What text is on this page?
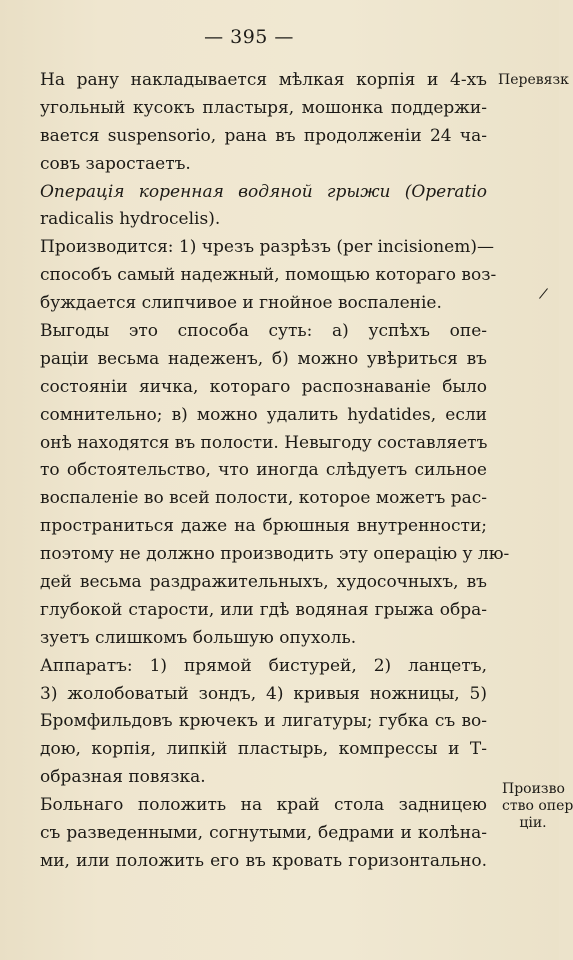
— 395 —
На рану накладывается мѣлкая корпія и 4-хъ
угольный кусокъ пластыря, мошонка поддержи-
вается suspensorio, рана въ продолженіи 24 ча-
совъ заростаетъ.
Операція коренная водяной грыжи (Operatio
radicalis hydrocelis).
Производится: 1) чрезъ разрѣзъ (per incisionem)—
способъ самый надежный, помощью котораго воз-
буждается слипчивое и гнойное воспаленіе.
Выгоды это способа суть: а) успѣхъ опе-
раціи весьма надеженъ, б) можно увѣриться въ
состояніи яичка, котораго распознаваніе было
сомнительно; в) можно удалить hydatides, если
онѣ находятся въ полости. Невыгоду составляетъ
то обстоятельство, что иногда слѣдуетъ сильное
воспаленіе во всей полости, которое можетъ рас-
пространиться даже на брюшныя внутренности;
поэтому не должно производить эту операцію у лю-
дей весьма раздражительныхъ, худосочныхъ, въ
глубокой старости, или гдѣ водяная грыжа обра-
зуетъ слишкомъ большую опухоль.
Аппаратъ: 1) прямой бистурей, 2) ланцетъ,
3) жолобоватый зондъ, 4) кривыя ножницы, 5)
Бромфильдовъ крючекъ и лигатуры; губка съ во-
дою, корпія, липкій пластырь, компрессы и Т-
образная повязка.
Больнаго положить на край стола задницею
съ разведенными, согнутыми, бедрами и колѣна-
ми, или положить его въ кровать горизонтально.
Перевязк
Произво
ство опер
ціи.
/
